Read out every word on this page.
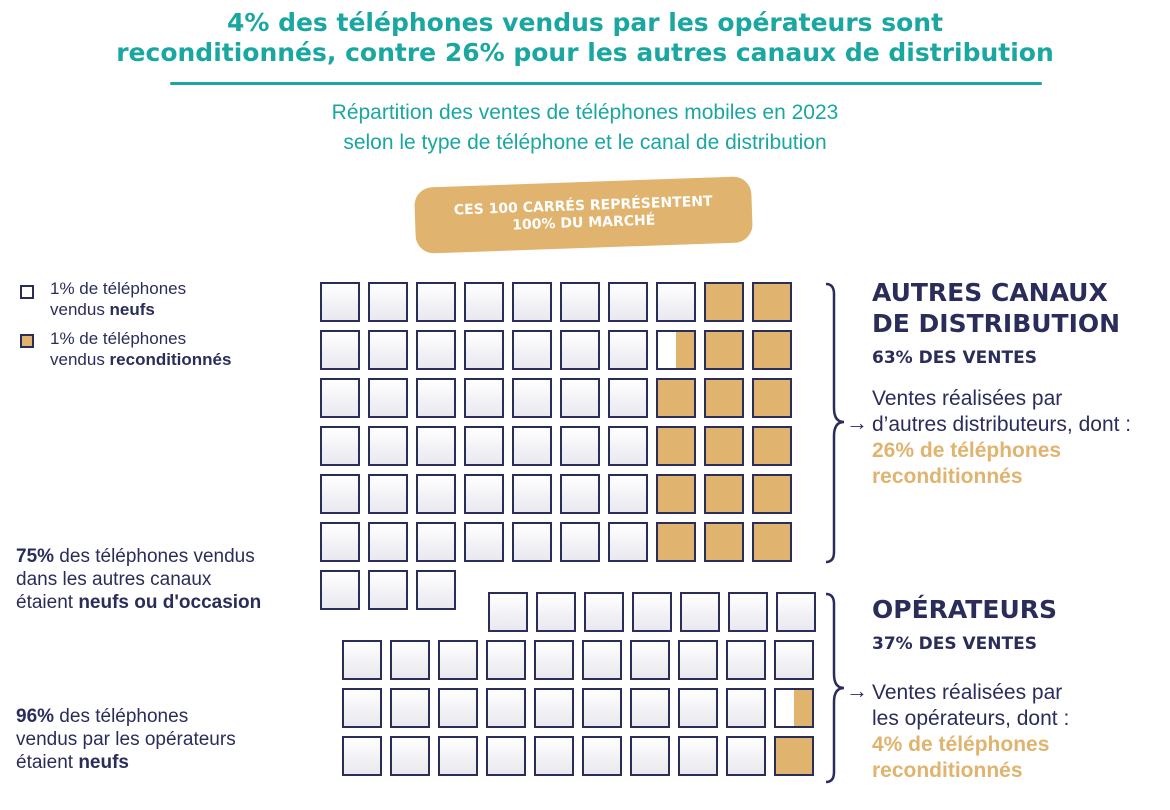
4% des téléphones vendus par les opérateurs sont
reconditionnés, contre 26% pour les autres canaux de distribution
Répartition des ventes de téléphones mobiles en 2023
selon le type de téléphone et le canal de distribution
CES 100 CARRÉS REPRÉSENTENT
100% DU MARCHÉ
1% de téléphones
vendus neufs
1% de téléphones
vendus reconditionnés
75% des téléphones vendus
dans les autres canaux
étaient neufs ou d'occasion
96% des téléphones
vendus par les opérateurs
étaient neufs
→
→
AUTRES CANAUX
DE DISTRIBUTION
63% DES VENTES
Ventes réalisées par
d’autres distributeurs, dont :
26% de téléphones
reconditionnés
OPÉRATEURS
37% DES VENTES
Ventes réalisées par
les opérateurs, dont :
4% de téléphones
reconditionnés
